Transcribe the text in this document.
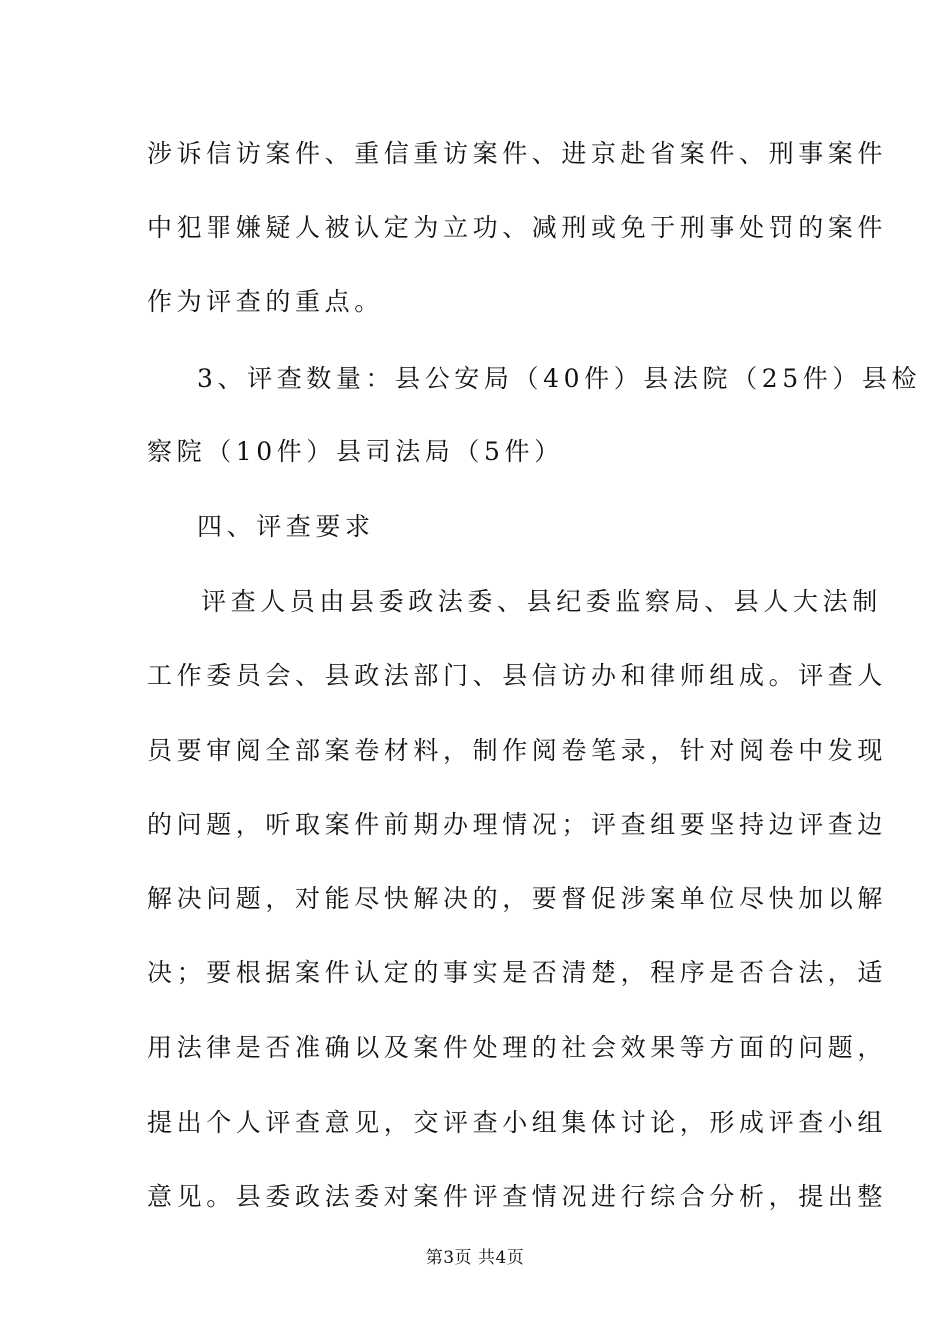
涉诉信访案件、重信重访案件、进京赴省案件、刑事案件
中犯罪嫌疑人被认定为立功、减刑或免于刑事处罚的案件
作为评查的重点。
3、评查数量：县公安局（40件）县法院（25件）县检
察院（10件）县司法局（5件）
四、评查要求
评查人员由县委政法委、县纪委监察局、县人大法制
工作委员会、县政法部门、县信访办和律师组成。评查人
员要审阅全部案卷材料，制作阅卷笔录，针对阅卷中发现
的问题，听取案件前期办理情况；评查组要坚持边评查边
解决问题，对能尽快解决的，要督促涉案单位尽快加以解
决；要根据案件认定的事实是否清楚，程序是否合法，适
用法律是否准确以及案件处理的社会效果等方面的问题，
提出个人评查意见，交评查小组集体讨论，形成评查小组
意见。县委政法委对案件评查情况进行综合分析，提出整
第3页 共4页
